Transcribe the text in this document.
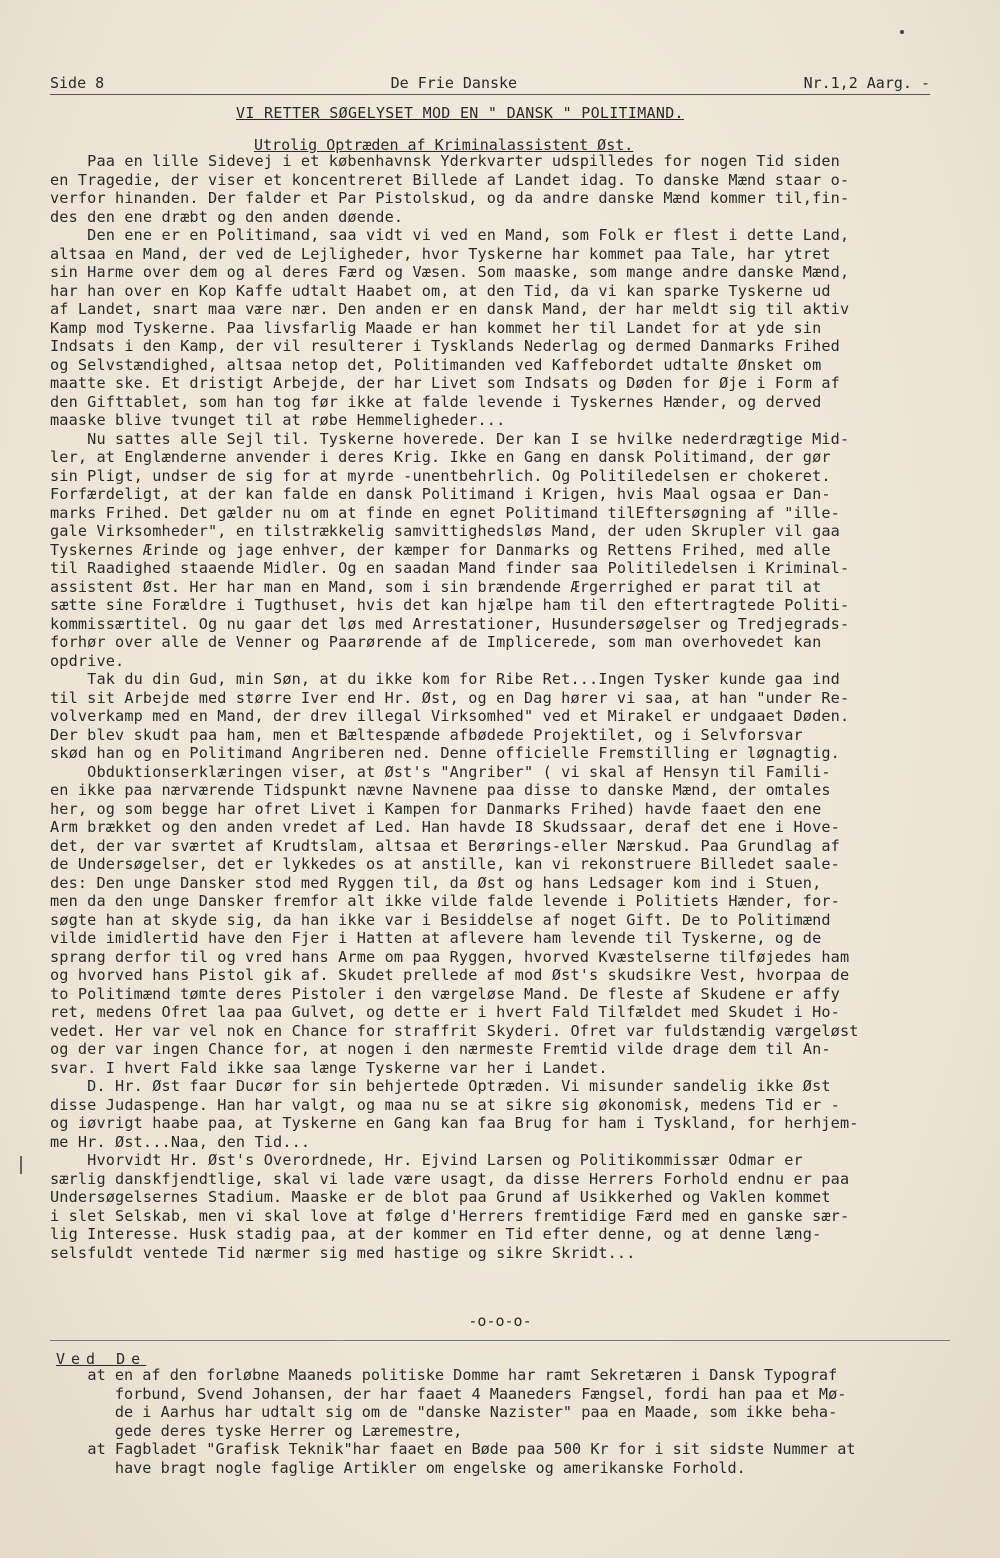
Side 8	De Frie Danske	Nr.1,2 Aarg. -
VI RETTER SØGELYSET MOD EN " DANSK " POLITIMAND.
Utrolig Optræden af Kriminalassistent Øst.
Paa en lille Sidevej i et københavnsk Yderkvarter udspilledes for nogen Tid siden
en Tragedie, der viser et koncentreret Billede af Landet idag. To danske Mænd staar o-
verfor hinanden. Der falder et Par Pistolskud, og da andre danske Mænd kommer til,fin-
des den ene dræbt og den anden døende.
Den ene er en Politimand, saa vidt vi ved en Mand, som Folk er flest i dette Land,
altsaa en Mand, der ved de Lejligheder, hvor Tyskerne har kommet paa Tale, har ytret
sin Harme over dem og al deres Færd og Væsen. Som maaske, som mange andre danske Mænd,
har han over en Kop Kaffe udtalt Haabet om, at den Tid, da vi kan sparke Tyskerne ud
af Landet, snart maa være nær. Den anden er en dansk Mand, der har meldt sig til aktiv
Kamp mod Tyskerne. Paa livsfarlig Maade er han kommet her til Landet for at yde sin
Indsats i den Kamp, der vil resulterer i Tysklands Nederlag og dermed Danmarks Frihed
og Selvstændighed, altsaa netop det, Politimanden ved Kaffebordet udtalte Ønsket om
maatte ske. Et dristigt Arbejde, der har Livet som Indsats og Døden for Øje i Form af
den Gifttablet, som han tog før ikke at falde levende i Tyskernes Hænder, og derved
maaske blive tvunget til at røbe Hemmeligheder...
Nu sattes alle Sejl til. Tyskerne hoverede. Der kan I se hvilke nederdrægtige Mid-
ler, at Englænderne anvender i deres Krig. Ikke en Gang en dansk Politimand, der gør
sin Pligt, undser de sig for at myrde -unentbehrlich. Og Politiledelsen er chokeret.
Forfærdeligt, at der kan falde en dansk Politimand i Krigen, hvis Maal ogsaa er Dan-
marks Frihed. Det gælder nu om at finde en egnet Politimand tilEftersøgning af "ille-
gale Virksomheder", en tilstrækkelig samvittighedsløs Mand, der uden Skrupler vil gaa
Tyskernes Ærinde og jage enhver, der kæmper for Danmarks og Rettens Frihed, med alle
til Raadighed staaende Midler. Og en saadan Mand finder saa Politiledelsen i Kriminal-
assistent Øst. Her har man en Mand, som i sin brændende Ærgerrighed er parat til at
sætte sine Forældre i Tugthuset, hvis det kan hjælpe ham til den eftertragtede Politi-
kommissærtitel. Og nu gaar det løs med Arrestationer, Husundersøgelser og Tredjegrads-
forhør over alle de Venner og Paarørende af de Implicerede, som man overhovedet kan
opdrive.
Tak du din Gud, min Søn, at du ikke kom for Ribe Ret...Ingen Tysker kunde gaa ind
til sit Arbejde med større Iver end Hr. Øst, og en Dag hører vi saa, at han "under Re-
volverkamp med en Mand, der drev illegal Virksomhed" ved et Mirakel er undgaaet Døden.
Der blev skudt paa ham, men et Bæltespænde afbødede Projektilet, og i Selvforsvar
skød han og en Politimand Angriberen ned. Denne officielle Fremstilling er løgnagtig.
Obduktionserklæringen viser, at Øst's "Angriber" ( vi skal af Hensyn til Famili-
en ikke paa nærværende Tidspunkt nævne Navnene paa disse to danske Mænd, der omtales
her, og som begge har ofret Livet i Kampen for Danmarks Frihed) havde faaet den ene
Arm brækket og den anden vredet af Led. Han havde I8 Skudssaar, deraf det ene i Hove-
det, der var sværtet af Krudtslam, altsaa et Berørings-eller Nærskud. Paa Grundlag af
de Undersøgelser, det er lykkedes os at anstille, kan vi rekonstruere Billedet saale-
des: Den unge Dansker stod med Ryggen til, da Øst og hans Ledsager kom ind i Stuen,
men da den unge Dansker fremfor alt ikke vilde falde levende i Politiets Hænder, for-
søgte han at skyde sig, da han ikke var i Besiddelse af noget Gift. De to Politimænd
vilde imidlertid have den Fjer i Hatten at aflevere ham levende til Tyskerne, og de
sprang derfor til og vred hans Arme om paa Ryggen, hvorved Kvæstelserne tilføjedes ham
og hvorved hans Pistol gik af. Skudet prellede af mod Øst's skudsikre Vest, hvorpaa de
to Politimænd tømte deres Pistoler i den værgeløse Mand. De fleste af Skudene er affy
ret, medens Ofret laa paa Gulvet, og dette er i hvert Fald Tilfældet med Skudet i Ho-
vedet. Her var vel nok en Chance for straffrit Skyderi. Ofret var fuldstændig værgeløst
og der var ingen Chance for, at nogen i den nærmeste Fremtid vilde drage dem til An-
svar. I hvert Fald ikke saa længe Tyskerne var her i Landet.
D. Hr. Øst faar Ducør for sin behjertede Optræden. Vi misunder sandelig ikke Øst
disse Judaspenge. Han har valgt, og maa nu se at sikre sig økonomisk, medens Tid er -
og iøvrigt haabe paa, at Tyskerne en Gang kan faa Brug for ham i Tyskland, for herhjem-
me Hr. Øst...Naa, den Tid...
Hvorvidt Hr. Øst's Overordnede, Hr. Ejvind Larsen og Politikommissær Odmar er
særlig danskfjendtlige, skal vi lade være usagt, da disse Herrers Forhold endnu er paa
Undersøgelsernes Stadium. Maaske er de blot paa Grund af Usikkerhed og Vaklen kommet
i slet Selskab, men vi skal love at følge d'Herrers fremtidige Færd med en ganske sær-
lig Interesse. Husk stadig paa, at der kommer en Tid efter denne, og at denne læng-
selsfuldt ventede Tid nærmer sig med hastige og sikre Skridt...
-o-o-o-
Ved De
at en af den forløbne Maaneds politiske Domme har ramt Sekretæren i Dansk Typograf
forbund, Svend Johansen, der har faaet 4 Maaneders Fængsel, fordi han paa et Mø-
de i Aarhus har udtalt sig om de "danske Nazister" paa en Maade, som ikke beha-
gede deres tyske Herrer og Læremestre,
at Fagbladet "Grafisk Teknik"har faaet en Bøde paa 500 Kr for i sit sidste Nummer at
have bragt nogle faglige Artikler om engelske og amerikanske Forhold.
